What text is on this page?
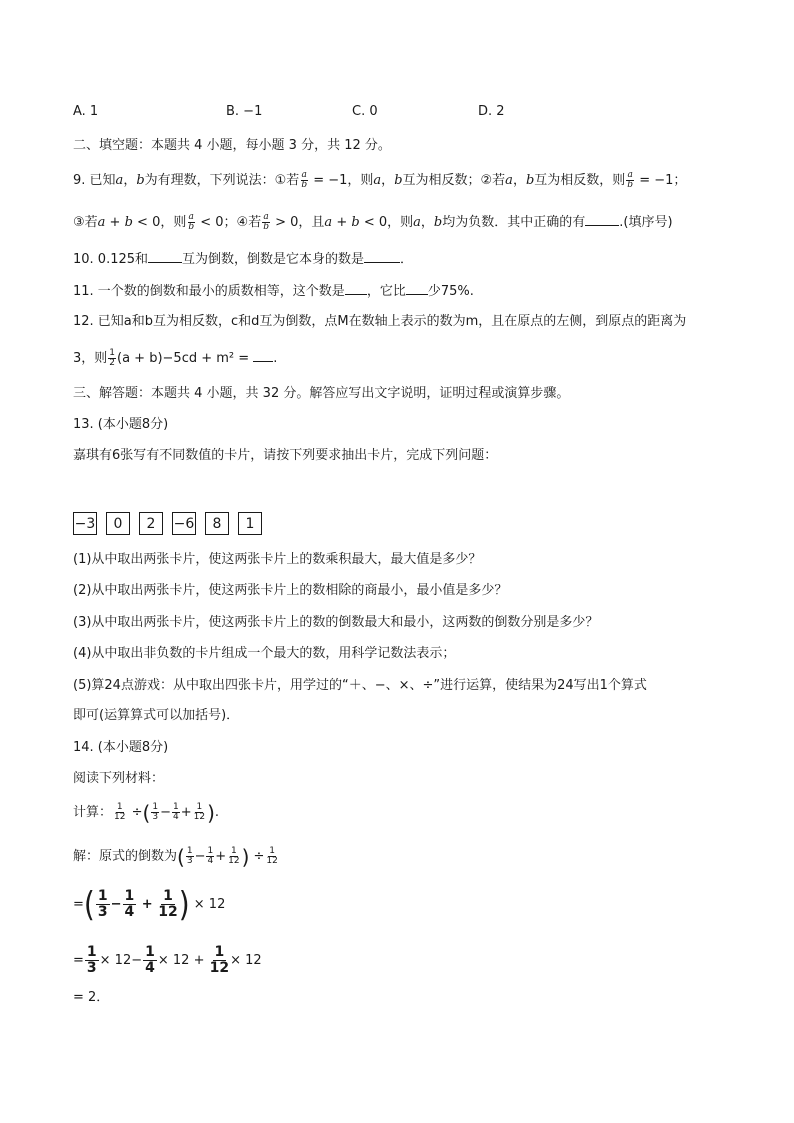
A. 1	B. −1	C. 0	D. 2
二、填空题：本题共 4 小题，每小题 3 分，共 12 分。
9. 已知a，b为有理数，下列说法：①若 $\frac{a}{b} = -1$，则a，b互为相反数；②若a，b互为相反数，则 $\frac{a}{b} = -1$；
③若a + b < 0，则 $\frac{a}{b} < 0$；④若 $\frac{a}{b} > 0$，且a + b < 0，则a，b均为负数．其中正确的有	.(填序号)
10. 0.125和	互为倒数，倒数是它本身的数是	．
11. 一个数的倒数和最小的质数相等，这个数是 ，它比 少75%.
12. 已知a和b互为相反数，c和d互为倒数，点M在数轴上表示的数为m，且在原点的左侧，到原点的距离为
3，则 $\frac{1}{2} (a + b)-5cd + m^2$ = .
三、解答题：本题共 4 小题，共 32 分。解答应写出文字说明，证明过程或演算步骤。
13. (本小题8分)
嘉琪有6张写有不同数值的卡片，请按下列要求抽出卡片，完成下列问题：
−3	0	2	−6	8	1
(1)从中取出两张卡片，使这两张卡片上的数乘积最大，最大值是多少？
(2)从中取出两张卡片，使这两张卡片上的数相除的商最小，最小值是多少？
(3)从中取出两张卡片，使这两张卡片上的数的倒数最大和最小，这两数的倒数分别是多少？
(4)从中取出非负数的卡片组成一个最大的数，用科学记数法表示；
(5)算24点游戏：从中取出四张卡片，用学过的“＋、−、×、÷”进行运算，使结果为24写出1个算式
即可(运算算式可以加括号)．
14. (本小题8分)
阅读下列材料：
计算： $\frac{1}{12}$ ÷( $\frac{1}{3} - \frac{1}{4} + \frac{1}{12}$ ).
解：原式的倒数为( $\frac{1}{3} - \frac{1}{4} + \frac{1}{12}$ ) ÷ $\frac{1}{12}$
=( $\frac{1}{3} - \frac{1}{4} + \frac{1}{12}$ ) × 12
= $\frac{1}{3} \times 12- \frac{1}{4} \times 12 + \frac{1}{12} \times 12$
= 2．
